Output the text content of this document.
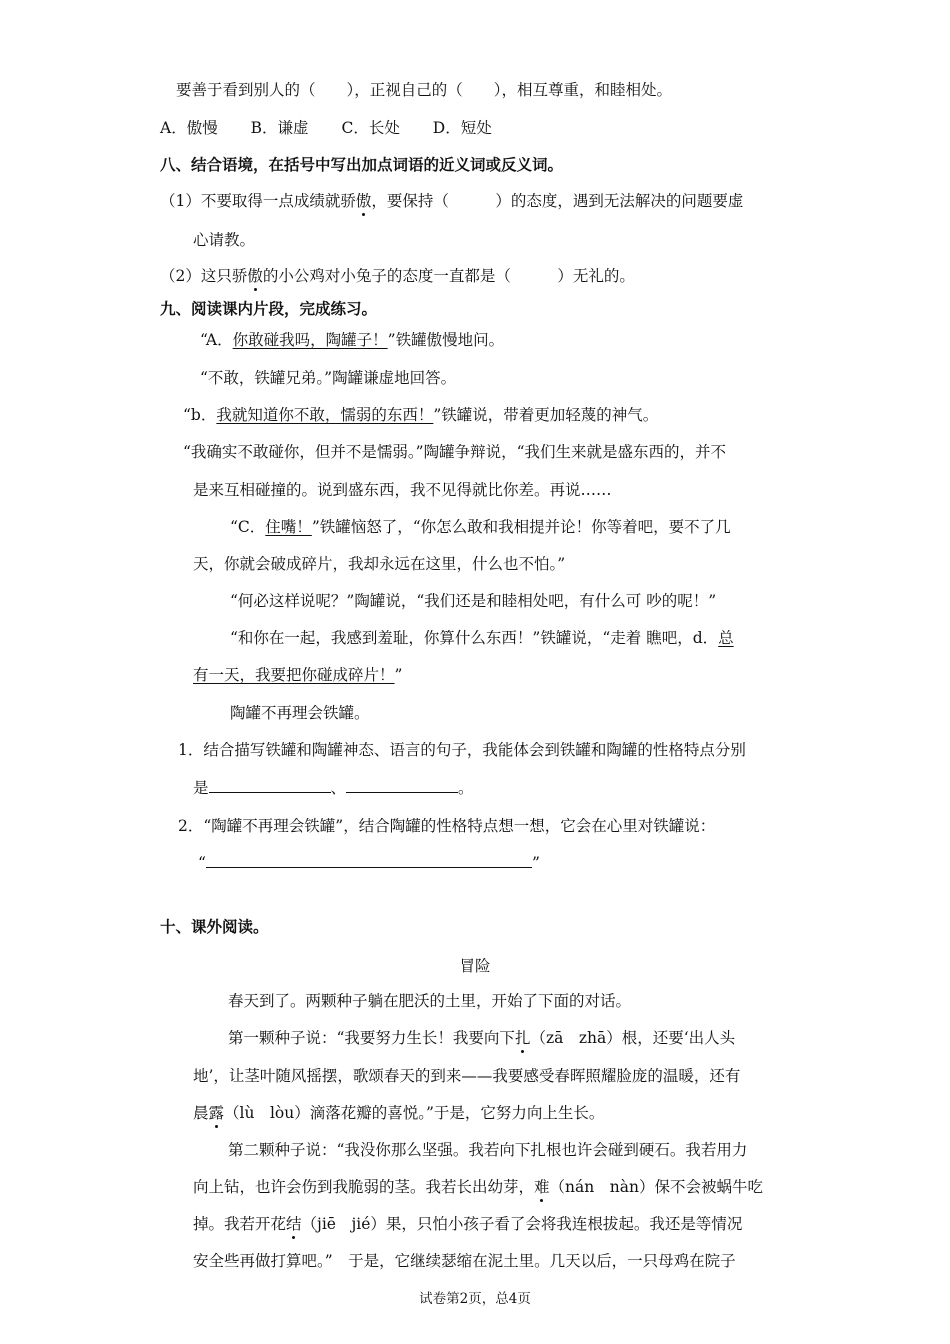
要善于看到别人的（　　），正视自己的（　　），相互尊重，和睦相处。
A．傲慢 B．谦虚 C．长处 D．短处
八、结合语境，在括号中写出加点词语的近义词或反义词。
（1）不要取得一点成绩就骄傲，要保持（　　　）的态度，遇到无法解决的问题要虚
心请教。
（2）这只骄傲的小公鸡对小兔子的态度一直都是（　　　）无礼的。
九、阅读课内片段，完成练习。
“A．你敢碰我吗，陶罐子！”铁罐傲慢地问。
“不敢，铁罐兄弟。”陶罐谦虚地回答。
“b．我就知道你不敢，懦弱的东西！”铁罐说，带着更加轻蔑的神气。
“我确实不敢碰你，但并不是懦弱。”陶罐争辩说，“我们生来就是盛东西的，并不
是来互相碰撞的。说到盛东西，我不见得就比你差。再说……
“C．住嘴！”铁罐恼怒了，“你怎么敢和我相提并论！你等着吧，要不了几
天，你就会破成碎片，我却永远在这里，什么也不怕。”
“何必这样说呢？”陶罐说，“我们还是和睦相处吧，有什么可 吵的呢！”
“和你在一起，我感到羞耻，你算什么东西！”铁罐说，“走着 瞧吧，d．总
有一天，我要把你碰成碎片！”
陶罐不再理会铁罐。
1．结合描写铁罐和陶罐神态、语言的句子，我能体会到铁罐和陶罐的性格特点分别
是	、	。
2．“陶罐不再理会铁罐”，结合陶罐的性格特点想一想，它会在心里对铁罐说：
“	”
十、课外阅读。
冒险
春天到了。两颗种子躺在肥沃的土里，开始了下面的对话。
第一颗种子说：“我要努力生长！我要向下扎（zā　zhā）根，还要‘出人头
地’，让茎叶随风摇摆，歌颂春天的到来——我要感受春晖照耀脸庞的温暖，还有
晨露（lù　lòu）滴落花瓣的喜悦。”于是，它努力向上生长。
第二颗种子说：“我没你那么坚强。我若向下扎根也许会碰到硬石。我若用力
向上钻，也许会伤到我脆弱的茎。我若长出幼芽，难（nán　nàn）保不会被蜗牛吃
掉。我若开花结（jiē　jié）果，只怕小孩子看了会将我连根拔起。我还是等情况
安全些再做打算吧。”　于是，它继续瑟缩在泥土里。几天以后，一只母鸡在院子
试卷第2页，总4页
